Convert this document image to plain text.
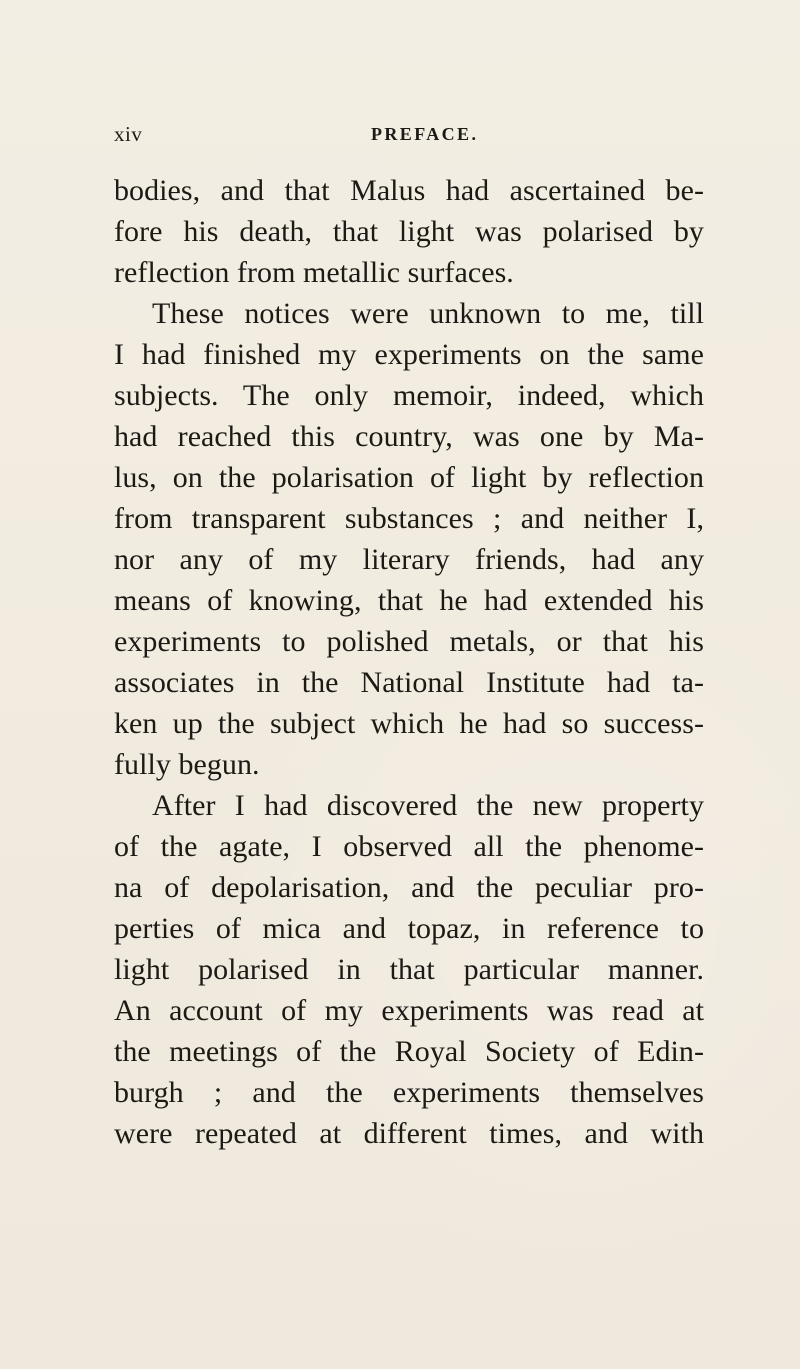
xiv	PREFACE.
bodies, and that Malus had ascertained be-
fore his death, that light was polarised by
reflection from metallic surfaces.
These notices were unknown to me, till
I had finished my experiments on the same
subjects. The only memoir, indeed, which
had reached this country, was one by Ma-
lus, on the polarisation of light by reflection
from transparent substances ; and neither I,
nor any of my literary friends, had any
means of knowing, that he had extended his
experiments to polished metals, or that his
associates in the National Institute had ta-
ken up the subject which he had so success-
fully begun.
After I had discovered the new property
of the agate, I observed all the phenome-
na of depolarisation, and the peculiar pro-
perties of mica and topaz, in reference to
light polarised in that particular manner.
An account of my experiments was read at
the meetings of the Royal Society of Edin-
burgh ; and the experiments themselves
were repeated at different times, and with
